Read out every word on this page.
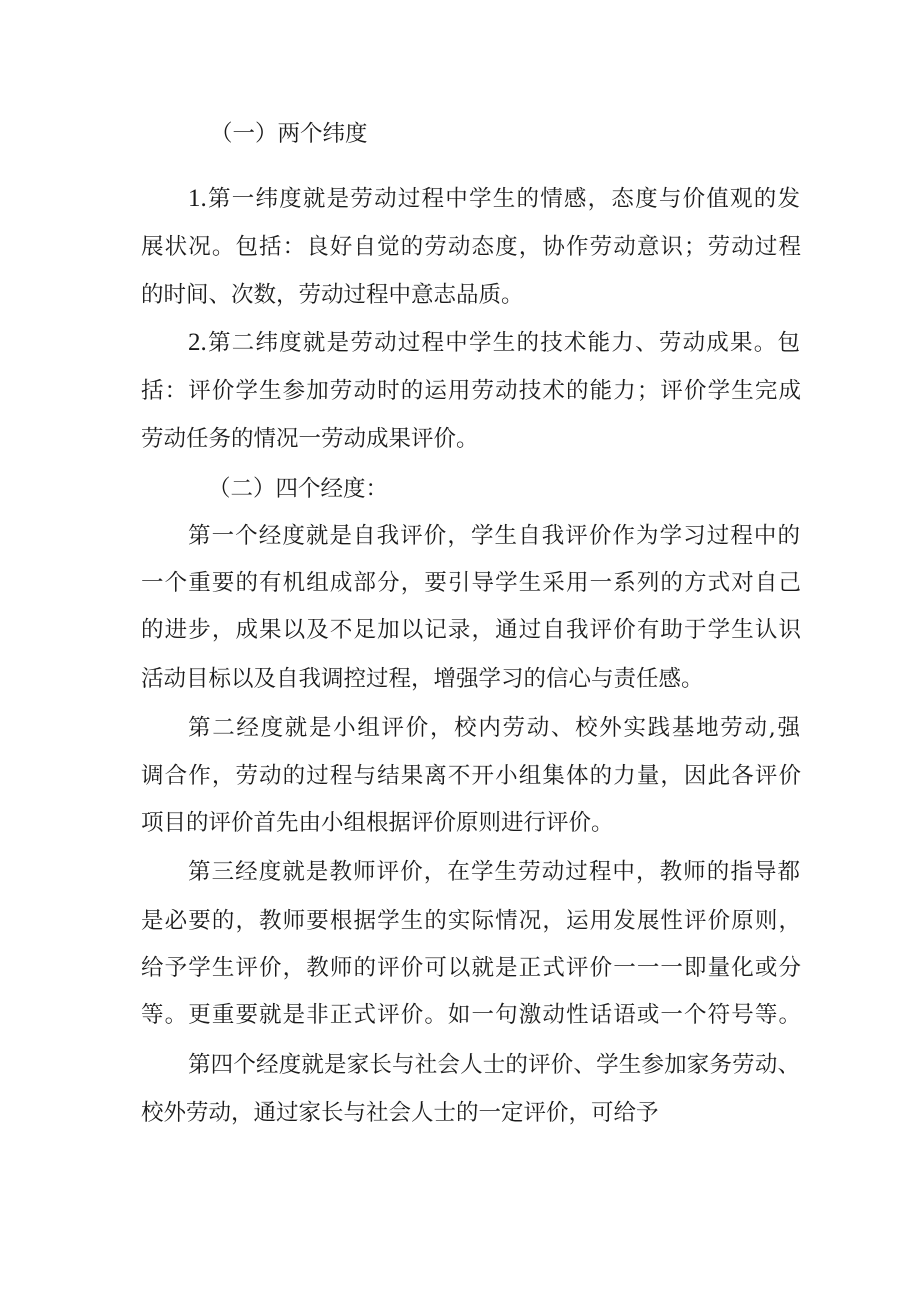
（一）两个纬度
1.第一纬度就是劳动过程中学生的情感，态度与价值观的发
展状况。包括：良好自觉的劳动态度，协作劳动意识；劳动过程
的时间、次数，劳动过程中意志品质。
2.第二纬度就是劳动过程中学生的技术能力、劳动成果。包
括：评价学生参加劳动时的运用劳动技术的能力；评价学生完成
劳动任务的情况一劳动成果评价。
（二）四个经度：
第一个经度就是自我评价，学生自我评价作为学习过程中的
一个重要的有机组成部分，要引导学生采用一系列的方式对自己
的进步，成果以及不足加以记录，通过自我评价有助于学生认识
活动目标以及自我调控过程，增强学习的信心与责任感。
第二经度就是小组评价，校内劳动、校外实践基地劳动,强
调合作，劳动的过程与结果离不开小组集体的力量，因此各评价
项目的评价首先由小组根据评价原则进行评价。
第三经度就是教师评价，在学生劳动过程中，教师的指导都
是必要的，教师要根据学生的实际情况，运用发展性评价原则，
给予学生评价，教师的评价可以就是正式评价一一一即量化或分
等。更重要就是非正式评价。如一句激动性话语或一个符号等。
第四个经度就是家长与社会人士的评价、学生参加家务劳动、
校外劳动，通过家长与社会人士的一定评价，可给予
